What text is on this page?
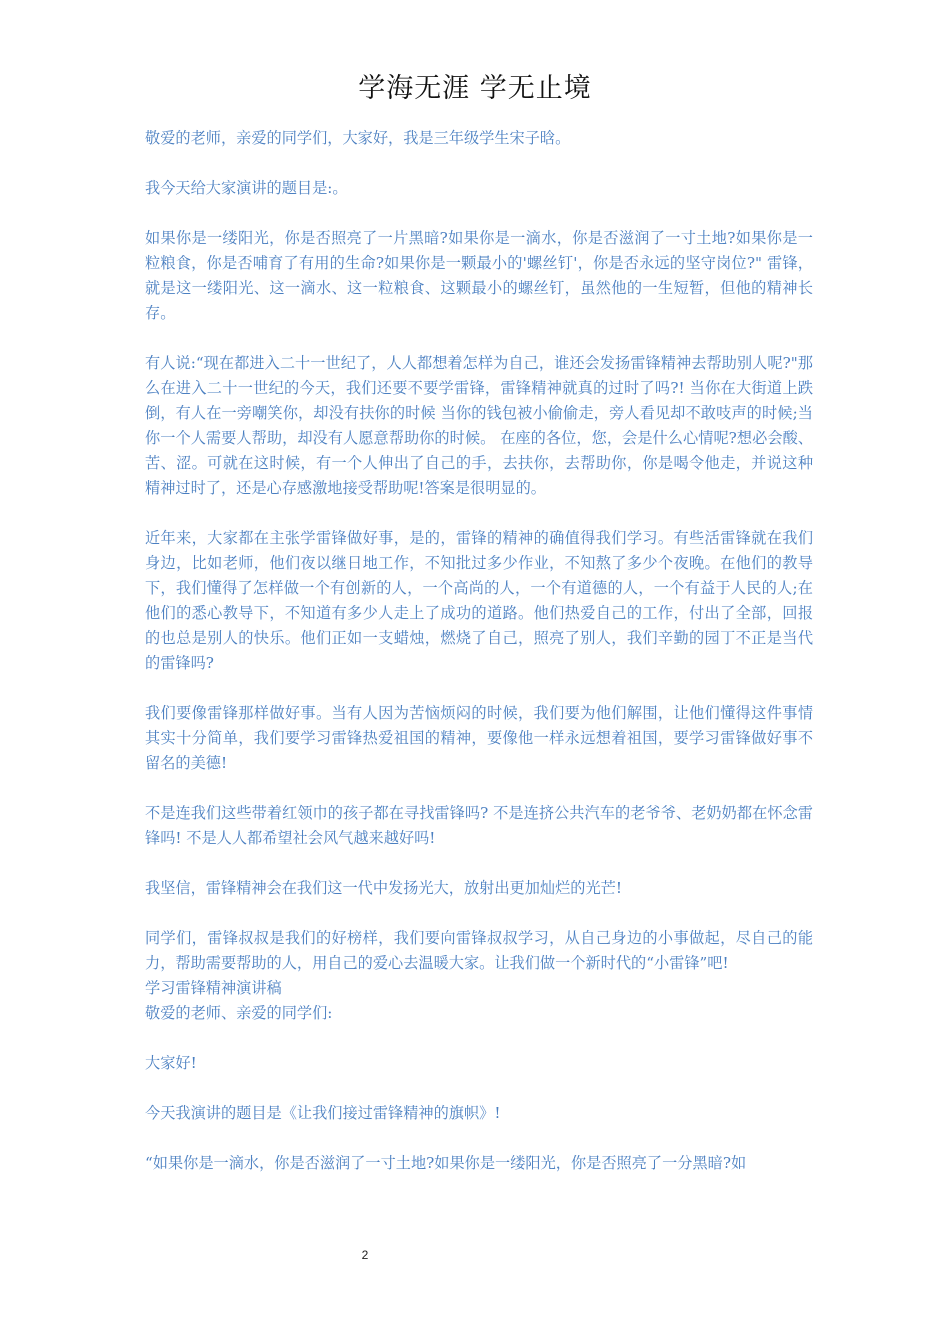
学海无涯 学无止境

敬爱的老师，亲爱的同学们，大家好，我是三年级学生宋子晗。

我今天给大家演讲的题目是:。

如果你是一缕阳光，你是否照亮了一片黑暗?如果你是一滴水，你是否滋润了一寸土地?如果你是一粒粮食，你是否哺育了有用的生命?如果你是一颗最小的'螺丝钉'，你是否永远的坚守岗位?" 雷锋，就是这一缕阳光、这一滴水、这一粒粮食、这颗最小的螺丝钉，虽然他的一生短暂，但他的精神长存。

有人说:“现在都进入二十一世纪了，人人都想着怎样为自己，谁还会发扬雷锋精神去帮助别人呢?"那么在进入二十一世纪的今天，我们还要不要学雷锋，雷锋精神就真的过时了吗?! 当你在大街道上跌倒，有人在一旁嘲笑你，却没有扶你的时候 当你的钱包被小偷偷走，旁人看见却不敢吱声的时候;当你一个人需要人帮助，却没有人愿意帮助你的时候。 在座的各位，您，会是什么心情呢?想必会酸、苦、涩。可就在这时候，有一个人伸出了自己的手，去扶你，去帮助你，你是喝令他走，并说这种精神过时了，还是心存感激地接受帮助呢!答案是很明显的。

近年来，大家都在主张学雷锋做好事，是的，雷锋的精神的确值得我们学习。有些活雷锋就在我们身边，比如老师，他们夜以继日地工作，不知批过多少作业，不知熬了多少个夜晚。在他们的教导下，我们懂得了怎样做一个有创新的人，一个高尚的人，一个有道德的人，一个有益于人民的人;在他们的悉心教导下，不知道有多少人走上了成功的道路。他们热爱自己的工作，付出了全部，回报的也总是别人的快乐。他们正如一支蜡烛，燃烧了自己，照亮了别人，我们辛勤的园丁不正是当代的雷锋吗?

我们要像雷锋那样做好事。当有人因为苦恼烦闷的时候，我们要为他们解围，让他们懂得这件事情其实十分简单，我们要学习雷锋热爱祖国的精神，要像他一样永远想着祖国，要学习雷锋做好事不留名的美德!

不是连我们这些带着红领巾的孩子都在寻找雷锋吗? 不是连挤公共汽车的老爷爷、老奶奶都在怀念雷锋吗! 不是人人都希望社会风气越来越好吗!

我坚信，雷锋精神会在我们这一代中发扬光大，放射出更加灿烂的光芒!

同学们，雷锋叔叔是我们的好榜样，我们要向雷锋叔叔学习，从自己身边的小事做起，尽自己的能力，帮助需要帮助的人，用自己的爱心去温暖大家。让我们做一个新时代的“小雷锋”吧!

学习雷锋精神演讲稿

敬爱的老师、亲爱的同学们:

大家好!

今天我演讲的题目是《让我们接过雷锋精神的旗帜》!

“如果你是一滴水，你是否滋润了一寸土地?如果你是一缕阳光，你是否照亮了一分黑暗?如

2
